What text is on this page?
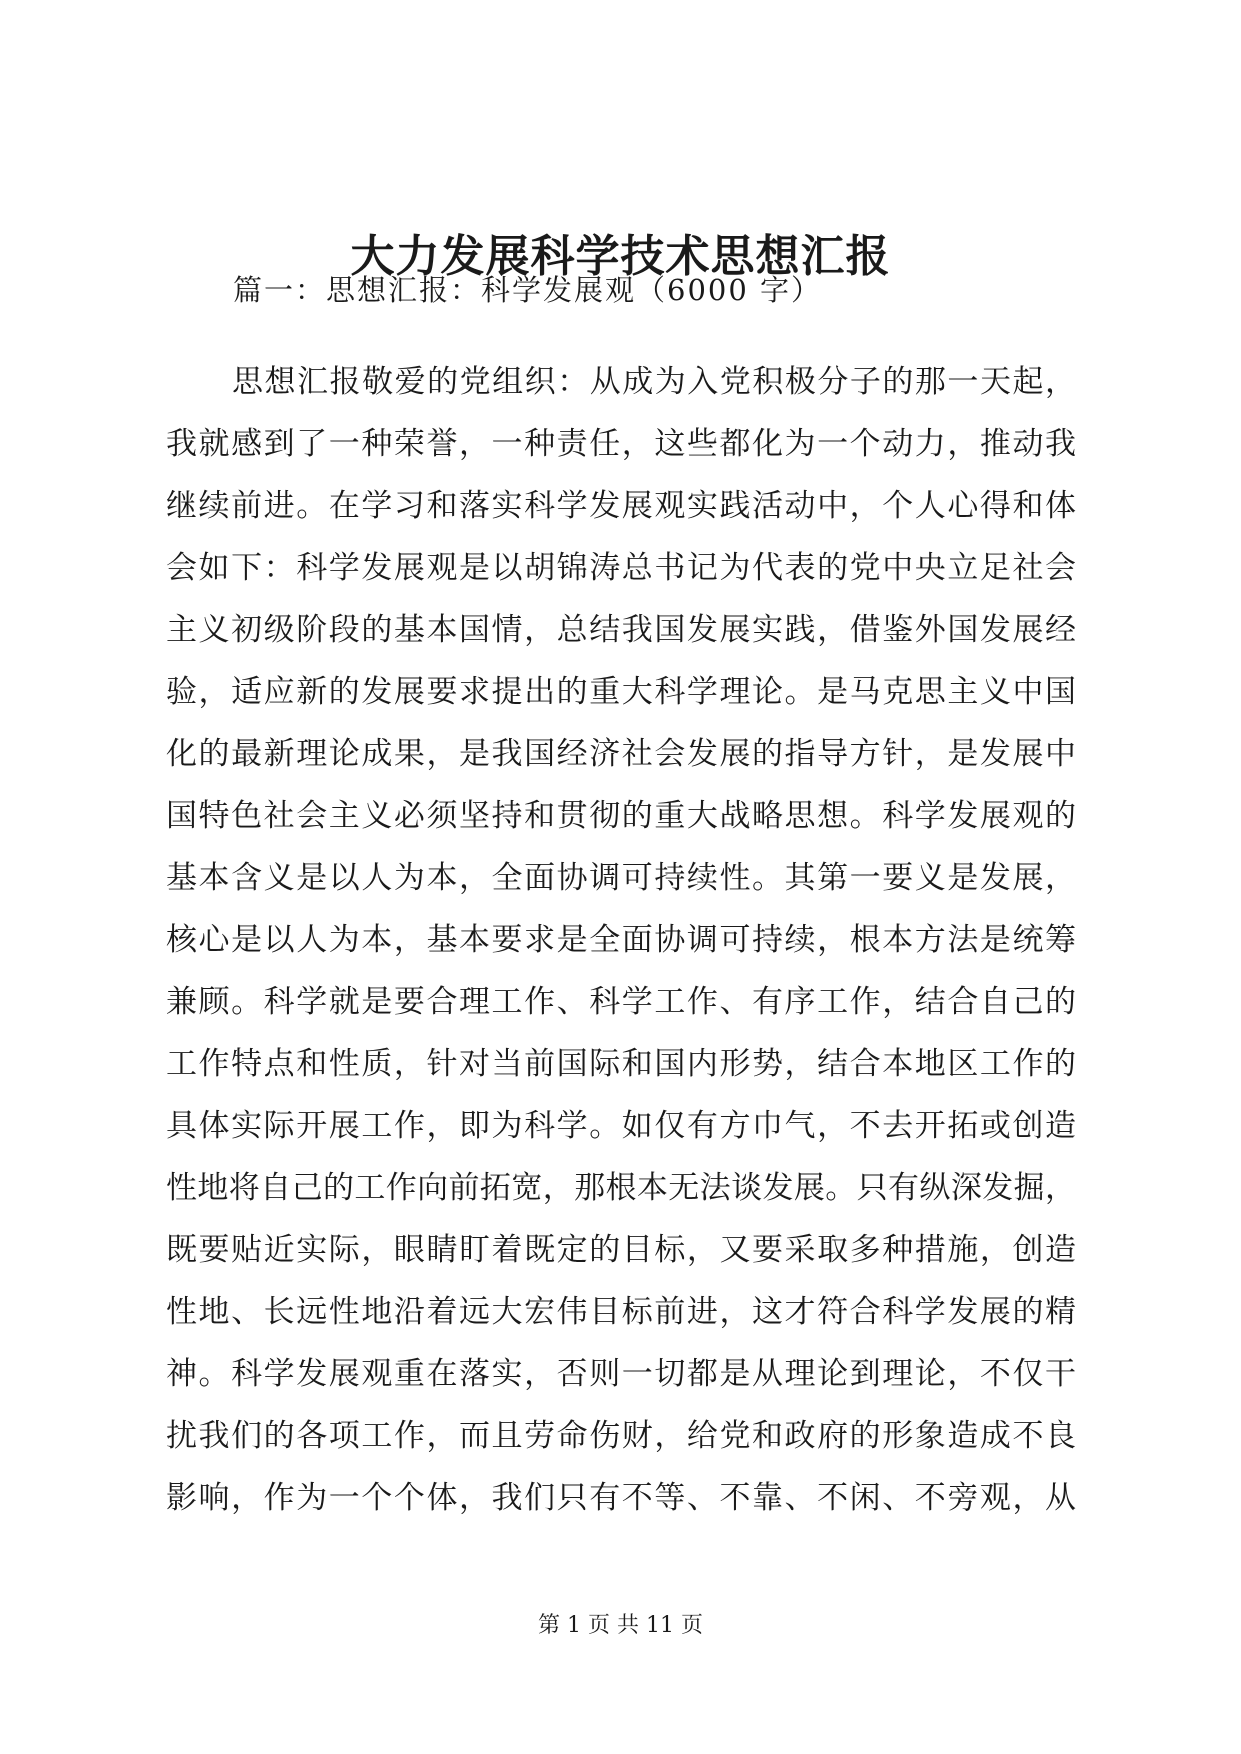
大力发展科学技术思想汇报
篇一：思想汇报：科学发展观（6000 字）
思想汇报敬爱的党组织：从成为入党积极分子的那一天起，
我就感到了一种荣誉，一种责任，这些都化为一个动力，推动我
继续前进。在学习和落实科学发展观实践活动中，个人心得和体
会如下：科学发展观是以胡锦涛总书记为代表的党中央立足社会
主义初级阶段的基本国情，总结我国发展实践，借鉴外国发展经
验，适应新的发展要求提出的重大科学理论。是马克思主义中国
化的最新理论成果，是我国经济社会发展的指导方针，是发展中
国特色社会主义必须坚持和贯彻的重大战略思想。科学发展观的
基本含义是以人为本，全面协调可持续性。其第一要义是发展，
核心是以人为本，基本要求是全面协调可持续，根本方法是统筹
兼顾。科学就是要合理工作、科学工作、有序工作，结合自己的
工作特点和性质，针对当前国际和国内形势，结合本地区工作的
具体实际开展工作，即为科学。如仅有方巾气，不去开拓或创造
性地将自己的工作向前拓宽，那根本无法谈发展。只有纵深发掘，
既要贴近实际，眼睛盯着既定的目标，又要采取多种措施，创造
性地、长远性地沿着远大宏伟目标前进，这才符合科学发展的精
神。科学发展观重在落实，否则一切都是从理论到理论，不仅干
扰我们的各项工作，而且劳命伤财，给党和政府的形象造成不良
影响，作为一个个体，我们只有不等、不靠、不闲、不旁观，从
第 1 页 共 11 页
